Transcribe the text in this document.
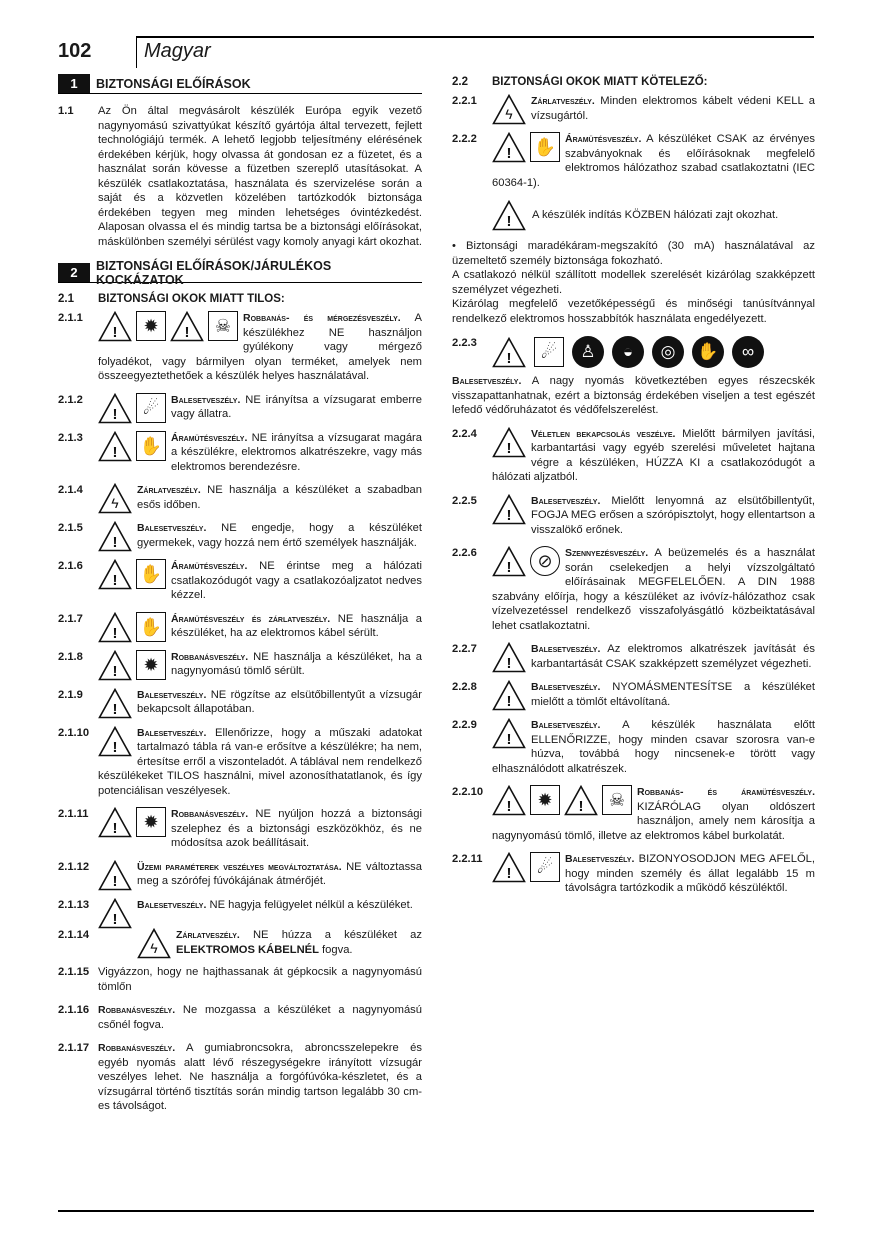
102	Magyar
1	BIZTONSÁGI ELŐÍRÁSOK
1.1 Az Ön által megvásárolt készülék Európa egyik vezető nagynyomású szivattyúkat készítő gyártója által tervezett, fejlett technológiájú termék. A lehető legjobb teljesítmény elérésének érdekében kérjük, hogy olvassa át gondosan ez a füzetet, és a használat során kövesse a füzetben szereplő utasításokat. A készülék csatlakoztatása, használata és szervizelése során a saját és a közvetlen közelében tartózkodók biztonsága érdekében tegyen meg minden lehetséges óvintézkedést. Alaposan olvassa el és mindig tartsa be a biztonsági előírásokat, máskülönben személyi sérülést vagy komoly anyagi kárt okozhat.
2	BIZTONSÁGI ELŐÍRÁSOK/JÁRULÉKOS KOCKÁZATOK
2.1	BIZTONSÁGI OKOK MIATT TILOS:
2.1.1
!	✹	!	☠	Robbanás- és mérgezésveszély. A készülékhez NE használjon gyúlékony vagy mérgező folyadékot, vagy bármilyen olyan terméket, amelyek nem összeegyeztethetőek a készülék helyes használatával.
2.1.2
!	☄	Balesetveszély. NE irányítsa a vízsugarat emberre vagy állatra.
2.1.3
! ✋ Áramütésveszély. NE irányítsa a vízsugarat magára a készülékre, elektromos alkatrészekre, vagy más elektromos berendezésre.
2.1.4
ϟ
Zárlatveszély. NE használja a készüléket a szabadban esős időben.
2.1.5
!
Balesetveszély. NE engedje, hogy a készüléket gyermekek, vagy hozzá nem értő személyek használják.
2.1.6
! ✋ Áramütésveszély. NE érintse meg a hálózati csatlakozódugót vagy a csatlakozóaljzatot nedves kézzel.
2.1.7
! ✋ Áramütésveszély és zárlatveszély. NE használja a készüléket, ha az elektromos kábel sérült.
2.1.8
!	✹	Robbanásveszély. NE használja a készüléket, ha a nagynyomású tömlő sérült.
2.1.9
!
Balesetveszély. NE rögzítse az elsütőbillentyűt a vízsugár bekapcsolt állapotában.
2.1.10
!
Balesetveszély. Ellenőrizze, hogy a műszaki adatokat tartalmazó tábla rá van-e erősítve a készülékre; ha nem, értesítse erről a viszonteladót. A táblával nem rendelkező készülékeket TILOS használni, mivel azonosíthatatlanok, és így potenciálisan veszélyesek.
2.1.11
!	✹	Robbanásveszély. NE nyúljon hozzá a biztonsági szelephez és a biztonsági eszközökhöz, és ne módosítsa azok beállításait.
2.1.12
!
Üzemi paraméterek veszélyes megváltoztatása. NE változtassa meg a szórófej fúvókájának átmérőjét.
2.1.13
!
Balesetveszély. NE hagyja felügyelet nélkül a készüléket.
2.1.14
ϟ
Zárlatveszély. NE húzza a készüléket az ELEKTROMOS KÁBELNÉL fogva.
2.1.15 Vigyázzon, hogy ne hajthassanak át gépkocsik a nagynyomású tömlőn
2.1.16 Robbanásveszély. Ne mozgassa a készüléket a nagynyomású csőnél fogva.
2.1.17 Robbanásveszély. A gumiabroncsokra, abroncsszelepekre és egyéb nyomás alatt lévő részegységekre irányított vízsugár veszélyes lehet. Ne használja a forgófúvóka-készletet, és a vízsugárral történő tisztítás során mindig tartson legalább 30 cm-es távolságot.
2.2	BIZTONSÁGI OKOK MIATT KÖTELEZŐ:
2.2.1
ϟ
Zárlatveszély. Minden elektromos kábelt védeni KELL a vízsugártól.
2.2.2
! ✋ Áramütésveszély. A készüléket CSAK az érvényes szabványoknak és előírásoknak megfelelő elektromos hálózathoz szabad csatlakoztatni (IEC 60364-1).
! A készülék indítás KÖZBEN hálózati zajt okozhat.
• Biztonsági maradékáram-megszakító (30 mA) használatával az üzemeltető személy biztonsága fokozható.
A csatlakozó nélkül szállított modellek szerelését kizárólag szakképzett személyzet végezheti.
Kizárólag megfelelő vezetőképességű és minőségi tanúsítvánnyal rendelkező elektromos hosszabbítók használata engedélyezett.
2.2.3
!	☄	♙	◒	◎	✋	∞
Balesetveszély. A nagy nyomás következtében egyes részecskék visszapattanhatnak, ezért a biztonság érdekében viseljen a test egészét lefedő védőruházatot és védőfelszerelést.
2.2.4
!
Véletlen bekapcsolás veszélye. Mielőtt bármilyen javítási, karbantartási vagy egyéb szerelési műveletet hajtana végre a készüléken, HÚZZA KI a csatlakozódugót a hálózati aljzatból.
2.2.5
!
Balesetveszély. Mielőtt lenyomná az elsütőbillentyűt, FOGJA MEG erősen a szórópisztolyt, hogy ellentartson a visszalökő erőnek.
2.2.6
!	⊘	Szennyezésveszély. A beüzemelés és a használat során cselekedjen a helyi vízszolgáltató előírásainak MEGFELELŐEN. A DIN 1988 szabvány előírja, hogy a készüléket az ivóvíz-hálózathoz csak vízelvezetéssel rendelkező visszafolyásgátló közbeiktatásával lehet csatlakoztatni.
2.2.7
!
Balesetveszély. Az elektromos alkatrészek javítását és karbantartását CSAK szakképzett személyzet végezheti.
2.2.8
!
Balesetveszély. NYOMÁSMENTESÍTSE a készüléket mielőtt a tömlőt eltávolítaná.
2.2.9
!
Balesetveszély. A készülék használata előtt ELLENŐRIZZE, hogy minden csavar szorosra van-e húzva, továbbá hogy nincsenek-e törött vagy elhasználódott alkatrészek.
2.2.10
!	✹	!	☠	Robbanás- és áramütésveszély. KIZÁRÓLAG olyan oldószert használjon, amely nem károsítja a nagynyomású tömlő, illetve az elektromos kábel burkolatát.
2.2.11
!	☄	Balesetveszély. BIZONYOSODJON MEG AFELŐL, hogy minden személy és állat legalább 15 m távolságra tartózkodik a működő készüléktől.
